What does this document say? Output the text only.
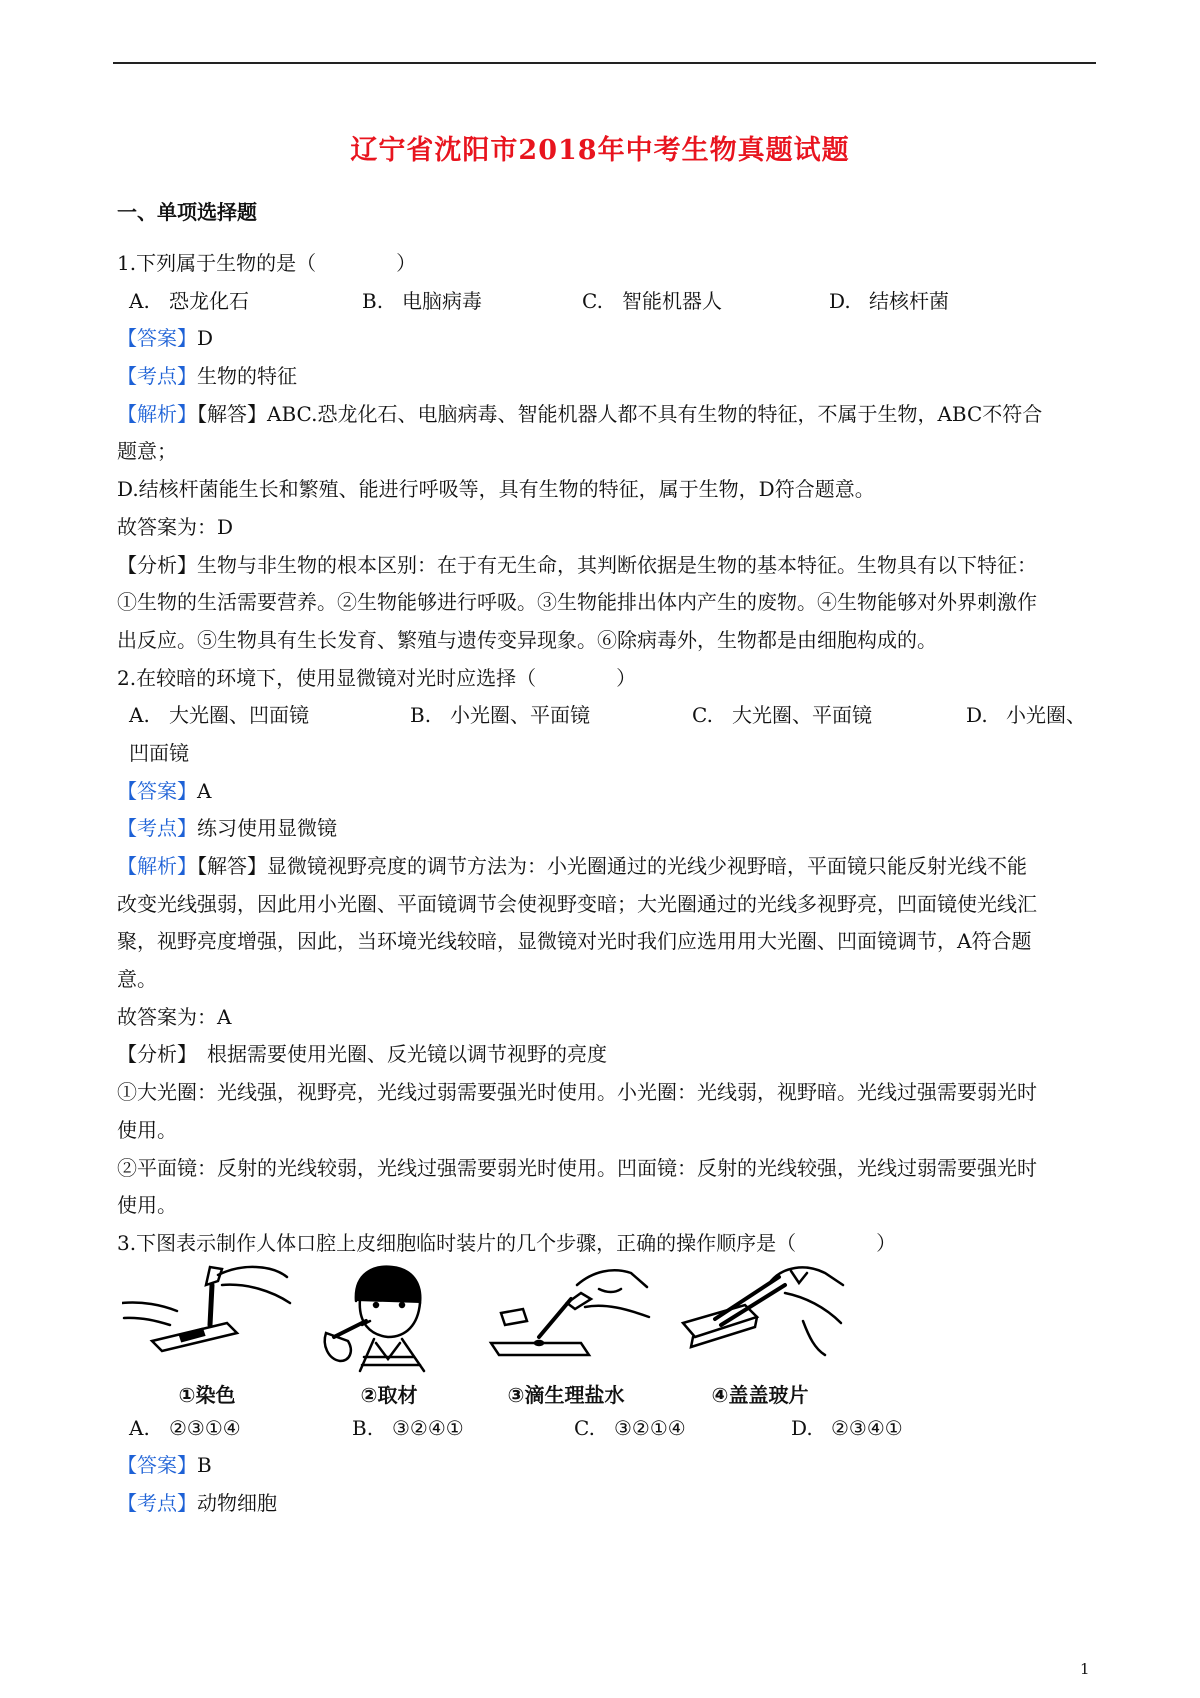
辽宁省沈阳市2018年中考生物真题试题
一、单项选择题
1.下列属于生物的是（　　　　）
A. 恐龙化石	B. 电脑病毒	C. 智能机器人	D. 结核杆菌
【答案】D
【考点】生物的特征
【解析】【解答】ABC.恐龙化石、电脑病毒、智能机器人都不具有生物的特征，不属于生物，ABC不符合
题意；
D.结核杆菌能生长和繁殖、能进行呼吸等，具有生物的特征，属于生物，D符合题意。
故答案为：D
【分析】生物与非生物的根本区别：在于有无生命，其判断依据是生物的基本特征。生物具有以下特征：
①生物的生活需要营养。②生物能够进行呼吸。③生物能排出体内产生的废物。④生物能够对外界刺激作
出反应。⑤生物具有生长发育、繁殖与遗传变异现象。⑥除病毒外，生物都是由细胞构成的。
2.在较暗的环境下，使用显微镜对光时应选择（　　　　）
A. 大光圈、凹面镜	B. 小光圈、平面镜	C. 大光圈、平面镜	D. 小光圈、
凹面镜
【答案】A
【考点】练习使用显微镜
【解析】【解答】显微镜视野亮度的调节方法为：小光圈通过的光线少视野暗，平面镜只能反射光线不能
改变光线强弱，因此用小光圈、平面镜调节会使视野变暗；大光圈通过的光线多视野亮，凹面镜使光线汇
聚，视野亮度增强，因此，当环境光线较暗，显微镜对光时我们应选用用大光圈、凹面镜调节，A符合题
意。
故答案为：A
【分析】　根据需要使用光圈、反光镜以调节视野的亮度
①大光圈：光线强，视野亮，光线过弱需要强光时使用。小光圈：光线弱，视野暗。光线过强需要弱光时
使用。
②平面镜：反射的光线较弱，光线过强需要弱光时使用。凹面镜：反射的光线较强，光线过弱需要强光时
使用。
3.下图表示制作人体口腔上皮细胞临时装片的几个步骤，正确的操作顺序是（　　　　）
①染色	②取材	③滴生理盐水	④盖盖玻片
A. ②③①④	B. ③②④①	C. ③②①④	D. ②③④①
【答案】B
【考点】动物细胞
1
